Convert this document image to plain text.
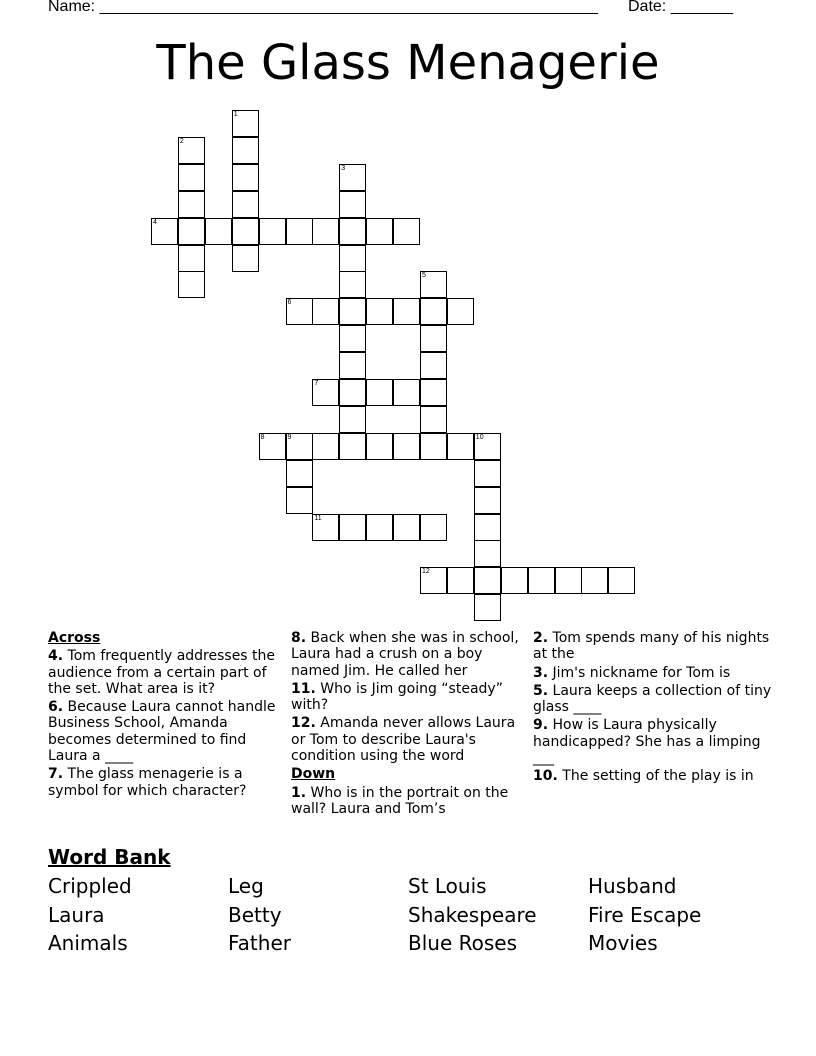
Name: ________________________________________________________ Date: _______
The Glass Menagerie
1
2
3
4
5
6
7
8	9	10
11
12

Across

4. Tom frequently addresses the audience from a certain part of the set. What area is it?

6. Because Laura cannot handle Business School, Amanda becomes determined to find Laura a ____

7. The glass menagerie is a symbol for which character?

8. Back when she was in school, Laura had a crush on a boy named Jim. He called her

11. Who is Jim going “steady” with?

12. Amanda never allows Laura or Tom to describe Laura's condition using the word

Down

1. Who is in the portrait on the wall? Laura and Tom’s

2. Tom spends many of his nights at the

3. Jim's nickname for Tom is

5. Laura keeps a collection of tiny glass ____

9. How is Laura physically handicapped? She has a limping ___

10. The setting of the play is in

Word Bank
Crippled	Leg	St Louis	Husband
Laura	Betty	Shakespeare	Fire Escape
Animals	Father	Blue Roses	Movies
